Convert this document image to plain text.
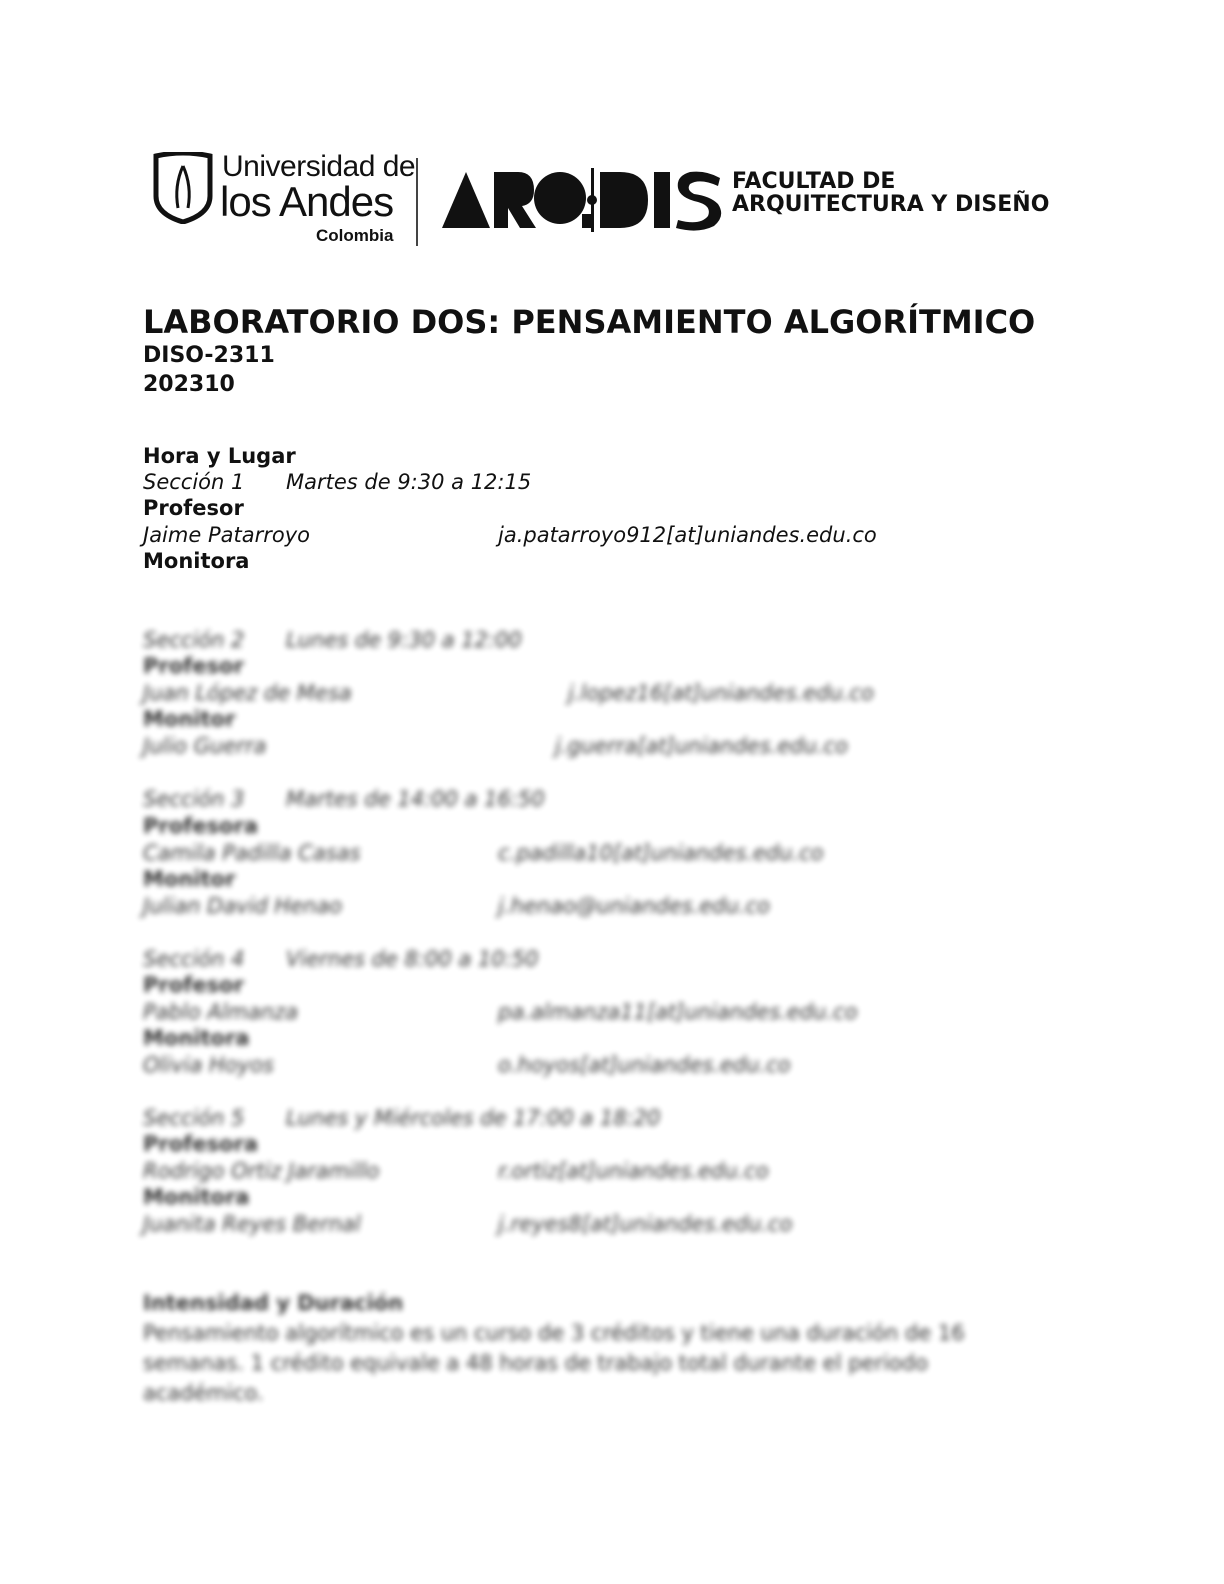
Universidad de
los Andes
Colombia
FACULTAD DE
ARQUITECTURA Y DISEÑO
LABORATORIO DOS: PENSAMIENTO ALGORÍTMICO
DISO-2311
202310
Hora y Lugar
Sección 1 Martes de 9:30 a 12:15
Profesor
Jaime Patarroyo	ja.patarroyo912[at]uniandes.edu.co
Monitora
Sección 2 Lunes de 9:30 a 12:00
Profesor
Juan López de Mesa	j.lopez16[at]uniandes.edu.co
Monitor
Julio Guerra	j.guerra[at]uniandes.edu.co
Sección 3 Martes de 14:00 a 16:50
Profesora
Camila Padilla Casas	c.padilla10[at]uniandes.edu.co
Monitor
Julian David Henao	j.henao@uniandes.edu.co
Sección 4 Viernes de 8:00 a 10:50
Profesor
Pablo Almanza	pa.almanza11[at]uniandes.edu.co
Monitora
Olivia Hoyos	o.hoyos[at]uniandes.edu.co
Sección 5 Lunes y Miércoles de 17:00 a 18:20
Profesora
Rodrigo Ortiz Jaramillo	r.ortiz[at]uniandes.edu.co
Monitora
Juanita Reyes Bernal	j.reyes8[at]uniandes.edu.co
Intensidad y Duración
Pensamiento algorítmico es un curso de 3 créditos y tiene una duración de 16
semanas. 1 crédito equivale a 48 horas de trabajo total durante el periodo
académico.
